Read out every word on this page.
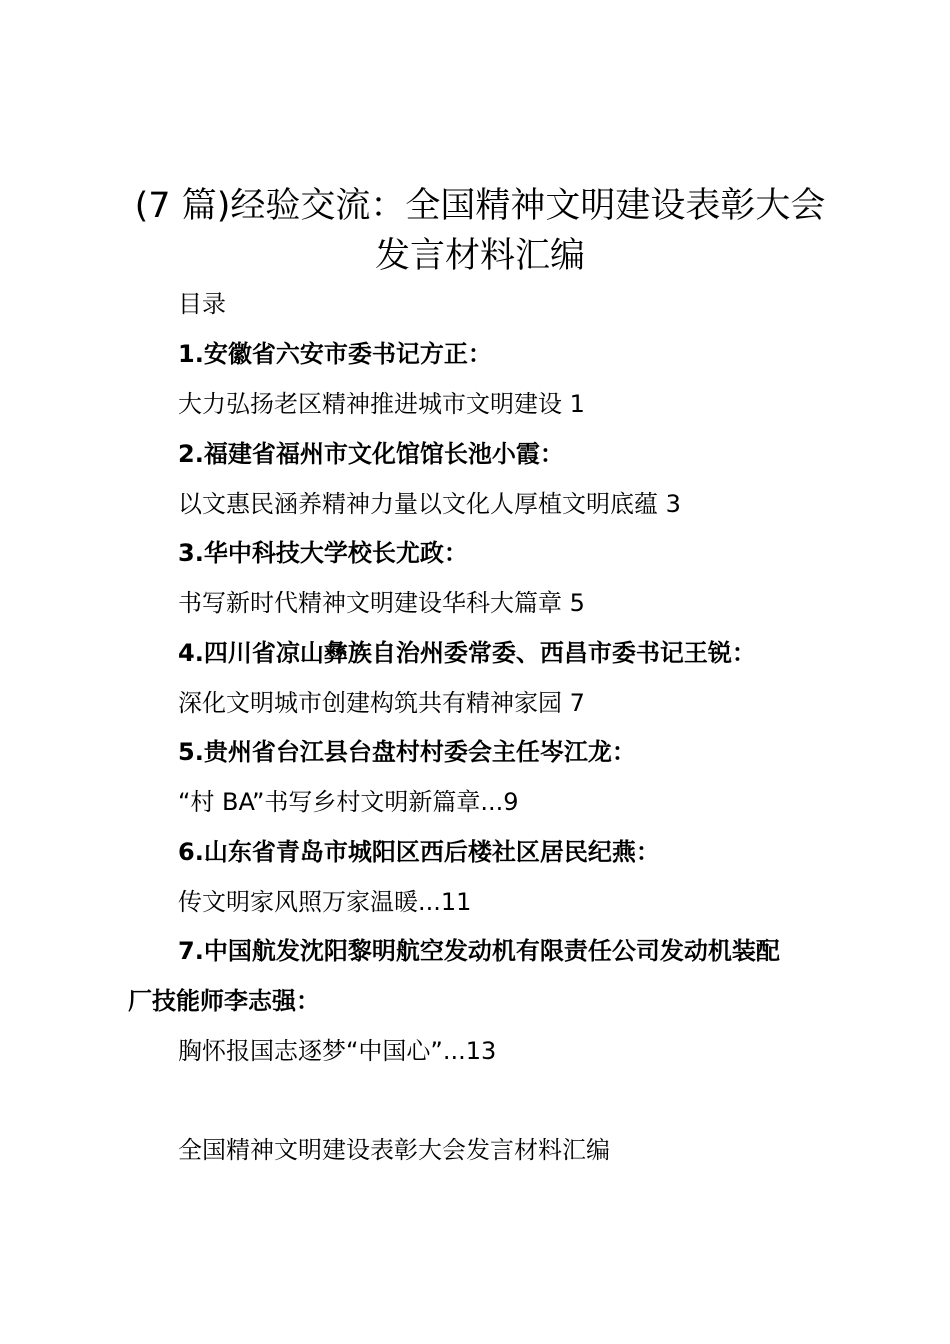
(7 篇)经验交流：全国精神文明建设表彰大会
发言材料汇编
目录
1.安徽省六安市委书记方正：
大力弘扬老区精神推进城市文明建设 1
2.福建省福州市文化馆馆长池小霞：
以文惠民涵养精神力量以文化人厚植文明底蕴 3
3.华中科技大学校长尤政：
书写新时代精神文明建设华科大篇章 5
4.四川省凉山彝族自治州委常委、西昌市委书记王锐：
深化文明城市创建构筑共有精神家园 7
5.贵州省台江县台盘村村委会主任岑江龙：
“村 BA”书写乡村文明新篇章...9
6.山东省青岛市城阳区西后楼社区居民纪燕：
传文明家风照万家温暖...11
7.中国航发沈阳黎明航空发动机有限责任公司发动机装配
厂技能师李志强：
胸怀报国志逐梦“中国心”...13
全国精神文明建设表彰大会发言材料汇编
